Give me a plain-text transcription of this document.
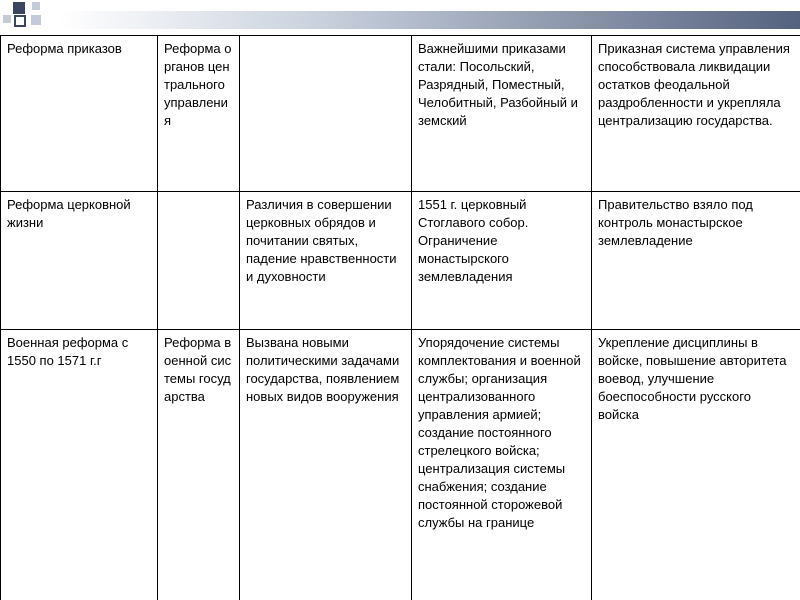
Реформа приказов	Реформа органов центрального управления		Важнейшими приказами стали: Посольский, Разрядный, Поместный, Челобитный, Разбойный и земский	Приказная система управления способствовала ликвидации остатков феодальной раздробленности и укрепляла централизацию государства.
Реформа церковной жизни		Различия в совершении церковных обрядов и почитании святых, падение нравственности и духовности	1551 г. церковный Стоглавого собор. Ограничение монастырского землевладения	Правительство взяло под контроль монастырское землевладение
Военная реформа с 1550 по 1571 г.г	Реформа военной системы государства	Вызвана новыми политическими задачами государства, появлением новых видов вооружения	Упорядочение системы комплектования и военной службы; организация централизованного управления армией; создание постоянного стрелецкого войска; централизация системы снабжения; создание постоянной сторожевой службы на границе	Укрепление дисциплины в войске, повышение авторитета воевод, улучшение боеспособности русского войска
